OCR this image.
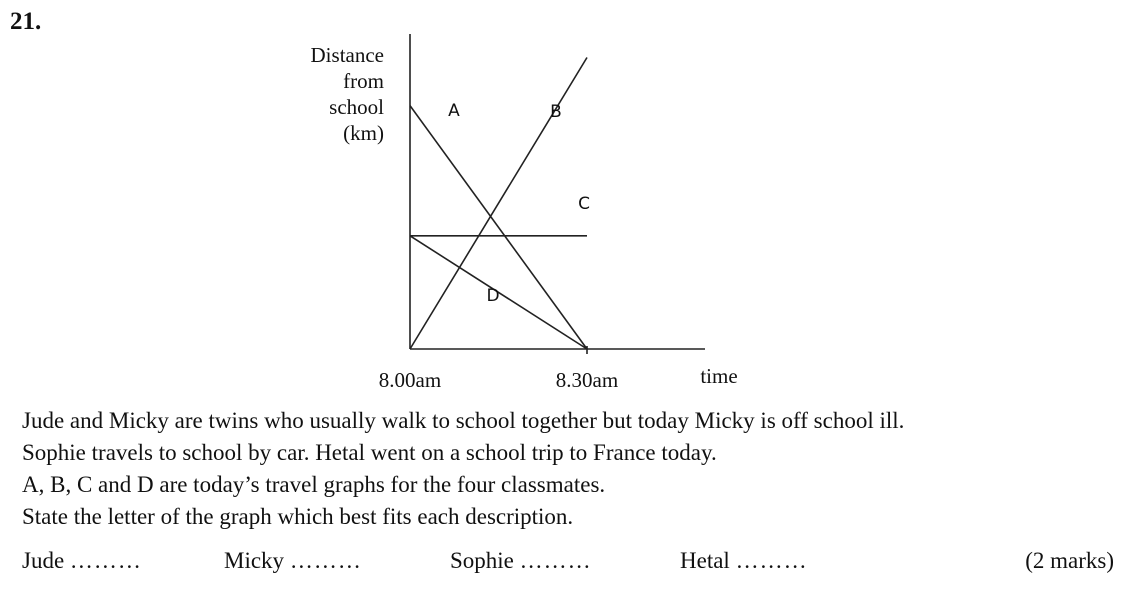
21.
A	B
C
D
Distance
from
school
(km)
8.00am	8.30am	time
Jude and Micky are twins who usually walk to school together but today Micky is off school ill.
Sophie travels to school by car. Hetal went on a school trip to France today.
A, B, C and D are today’s travel graphs for the four classmates.
State the letter of the graph which best fits each description.
Jude ………	Micky ………	Sophie ………	Hetal ………	(2 marks)
